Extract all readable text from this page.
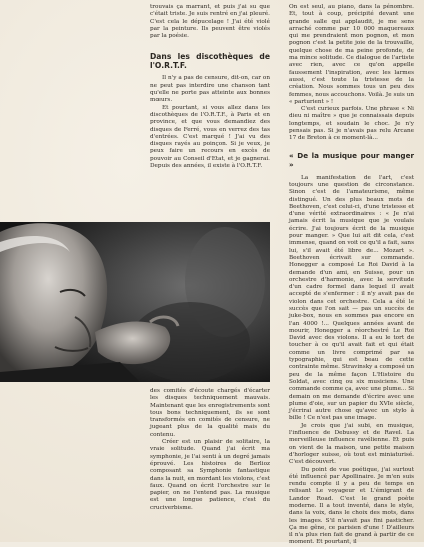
trouvais ça marrant, et puis j'ai su que c'était triste. Je suis rentré en j'ai pleuré. C'est cela le dépucelage ! J'ai été violé par la peinture. Ils peuvent être violés par la poésie.

Dans les discothèques de l'O.R.T.F.

Il n'y a pas de censure, dit-on, car on ne peut pas interdire une chanson tant qu'elle ne porte pas atteinte aux bonnes mœurs.

Et pourtant, si vous allez dans les discothèques de l'O.R.T.F., à Paris et en province, et que vous demandiez des disques de Ferré, vous en verrez des tas d'entrées. C'est marqué ! J'ai vu des disques rayés au poinçon. Si je veux, je peux faire un recours en excès de pouvoir au Conseil d'Etat, et je gagnerai. Depuis des années, il existe à l'O.R.T.F.

des comités d'écoute chargés d'écarter les disques techniquement mauvais. Maintenant que les enregistrements sont tous bons techniquement, ils se sont transformés en comités de censure, ne jugeant plus de la qualité mais du contenu.

Créer est un plaisir de solitaire, la vraie solitude. Quand j'ai écrit ma symphonie, je l'ai senti à un degré jamais éprouvé. Les histoires de Berlioz composant sa Symphonie fantastique dans la nuit, en mordant les violons, c'est faux. Quand on écrit l'orchestre sur le papier, on ne l'entend pas. La musique est une longue patience, c'est du cruciverbisme.

On est seul, au piano, dans la pénombre. Et, tout à coup, précipité devant une grande salle qui applaudit, je me sens arraché comme par 10 000 maquereaux qui me prendraient mon pognon, et mon pognon c'est la petite joie de la trouvaille, quelque chose de ma peine profonde, de ma mince solitude. Ce dialogue de l'artiste avec rien, avec ce qu'on appelle faussement l'inspiration, avec les larmes aussi, c'est toute la tristesse de la création. Nous sommes tous un peu des femmes, nous accouchons. Voilà. Je suis un « parturient » !

C'est curieux parfois. Une phrase « Ni dieu ni maître » que je connaissais depuis longtemps, et soudain le choc. Je n'y pensais pas. Si je n'avais pas relu Arcane 17 de Breton à ce moment-là...

« De la musique pour manger »

La manifestation de l'art, c'est toujours une question de circonstance. Sinon c'est de l'amateurisme, même distingué. Un des plus beaux mots de Beethoven, c'est celui-ci, d'une tristesse et d'une vérité extraordinaires : « Je n'ai jamais écrit la musique que je voulais écrire. J'ai toujours écrit de la musique pour manger. » Que lui ait dit cela, c'est immense, quand on voit ce qu'il a fait, sans lui, s'il avait été libre de... Mozart ». Beethoven écrivait sur commande. Honegger a composé Le Roi David à la demande d'un ami, en Suisse, pour un orchestre d'harmonie, avec la servitude d'un cadre formel dans lequel il avait accepté de s'enfermer : il n'y avait pas de violon dans cet orchestre. Cela a été le succès que l'on sait — pas un succès de juke-box, nous en sommes pas encore en l'an 4000 !... Quelques années avant de mourir, Honegger a réorchestré Le Roi David avec des violons. Il a eu le tort de toucher à ce qu'il avait fait et qui était comme un livre comprimé par sa typographie, qui est beau de cette contrainte même. Stravinsky a composé un peu de la même façon L'Histoire du Soldat, avec cinq ou six musiciens. Une commande comme ça, avec une plume... Si demain on me demande d'écrire avec une plume d'oie, sur un papier du XVIe siècle, j'écrirai autre chose qu'avec un stylo à bille ! Ce n'est pas une image.

Je crois que j'ai subi, en musique, l'influence de Debussy et de Ravel. La merveilleuse influence ravélienne. Et puis on vient de la maison, une petite maison d'horloger suisse, où tout est miniaturisé. C'est découvert.

Du point de vue poétique, j'ai surtout été influencé par Apollinaire. Je m'en suis rendu compte il y a peu de temps en relisant Le voyageur et L'émigrant de Landor Road. C'est le grand poète moderne. Il a tout inventé, dans le style, dans la voix, dans le choix des mots, dans les images. S'il n'avait pas fini pasticher. Ça me gêne, ce parisien d'une ! D'ailleurs il n'a plus rien fait de grand à partir de ce moment. Et pourtant, il
